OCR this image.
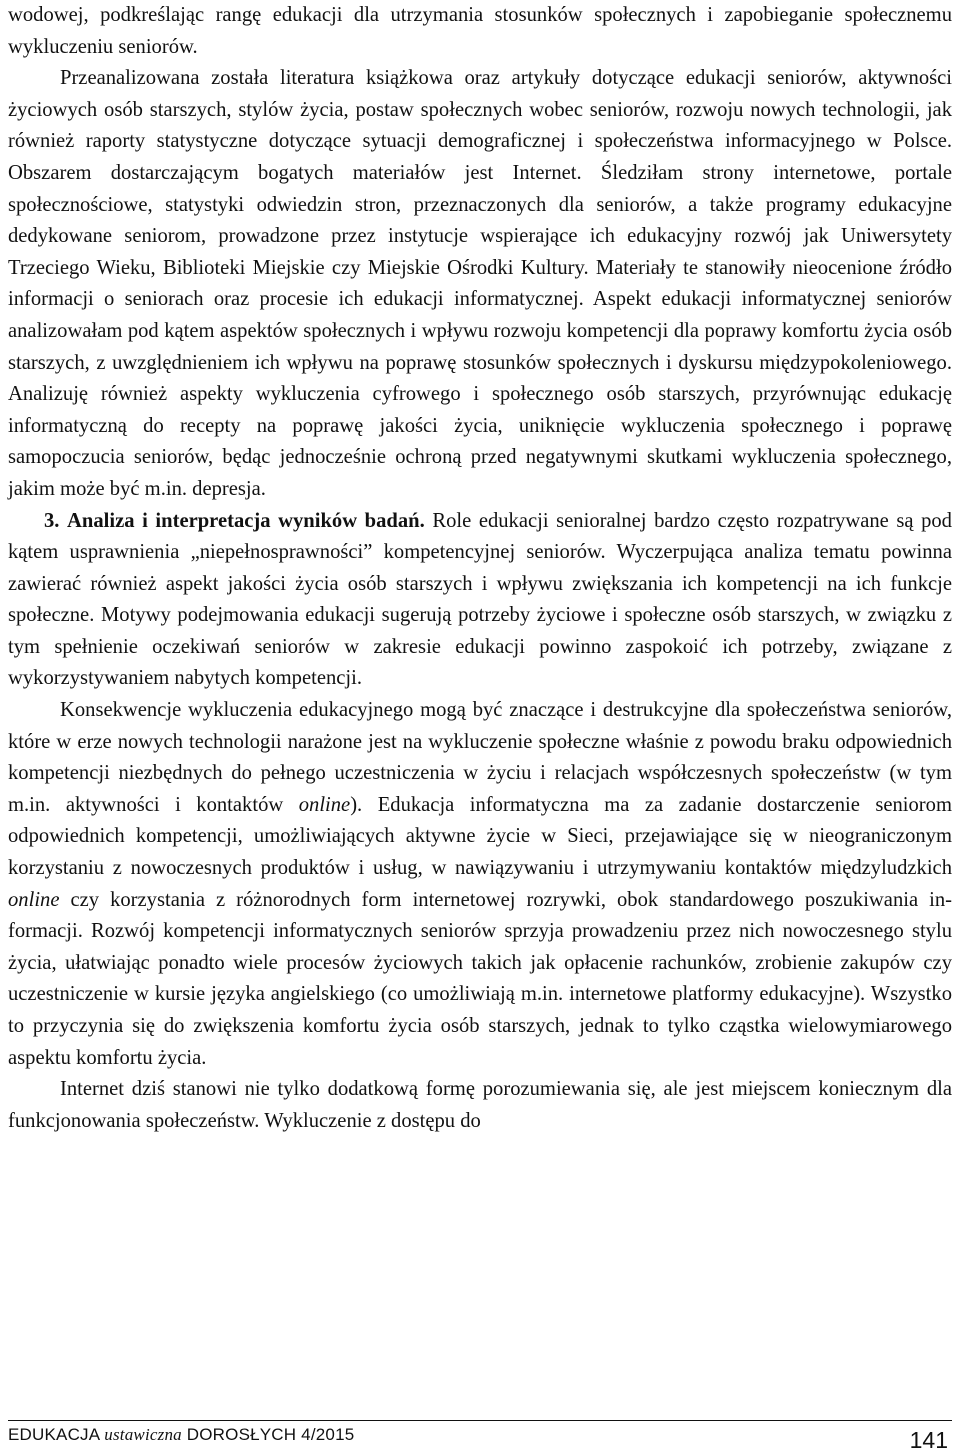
wodowej, podkreślając rangę edukacji dla utrzymania stosunków społecznych i zapobieganie społecznemu wykluczeniu seniorów.
Przeanalizowana została literatura książkowa oraz artykuły dotyczące edukacji seniorów, aktywności życiowych osób starszych, stylów życia, postaw społecznych wobec seniorów, rozwoju nowych technologii, jak również raporty statystyczne dotyczące sytuacji demograficznej i społeczeństwa informacyjnego w Polsce. Obszarem dostarczającym bogatych materiałów jest Internet. Śledziłam strony internetowe, portale społecznościowe, statystyki odwiedzin stron, przeznaczonych dla seniorów, a także programy edukacyjne dedykowane seniorom, prowadzone przez instytucje wspierające ich edukacyjny rozwój jak Uniwersytety Trzeciego Wieku, Biblioteki Miejskie czy Miejskie Ośrodki Kultury. Materiały te stanowiły nieocenione źródło informacji o seniorach oraz procesie ich edukacji informatycznej. Aspekt edukacji informatycznej seniorów analizowałam pod kątem aspektów społecznych i wpływu rozwoju kompetencji dla poprawy komfortu życia osób starszych, z uwzględnieniem ich wpływu na poprawę stosunków społecznych i dyskursu międzypokoleniowego. Analizuję również aspekty wykluczenia cyfrowego i społecznego osób starszych, przyrównując edukację informatyczną do recepty na poprawę jakości życia, uniknięcie wykluczenia społecznego i poprawę samopoczucia seniorów, będąc jednocześnie ochroną przed negatywnymi skutkami wykluczenia społecznego, jakim może być m.in. depresja.

3. Analiza i interpretacja wyników badań. Role edukacji senioralnej bardzo często rozpatrywane są pod kątem usprawnienia „niepełnosprawności” kompetencyjnej seniorów. Wyczerpująca analiza tematu powinna zawierać również aspekt jakości życia osób starszych i wpływu zwiększania ich kompetencji na ich funkcje społeczne. Motywy podejmowania edukacji sugerują potrzeby życiowe i społeczne osób starszych, w związku z tym spełnienie oczekiwań seniorów w zakresie edukacji powinno zaspokoić ich potrzeby, związane z wykorzystywaniem nabytych kompetencji.

Konsekwencje wykluczenia edukacyjnego mogą być znaczące i destrukcyjne dla społeczeństwa seniorów, które w erze nowych technologii narażone jest na wykluczenie społeczne właśnie z powodu braku odpowiednich kompetencji niezbędnych do pełnego uczestniczenia w życiu i relacjach współczesnych społeczeństw (w tym m.in. aktywności i kontaktów online). Edukacja informatyczna ma za zadanie dostarczenie seniorom odpowiednich kompetencji, umożliwiających aktywne życie w Sieci, przejawiające się w nieograniczonym korzystaniu z nowoczesnych produktów i usług, w nawiązywaniu i utrzymywaniu kontaktów międzyludzkich online czy korzystania z różnorodnych form internetowej rozrywki, obok standardowego poszukiwania informacji. Rozwój kompetencji informatycznych seniorów sprzyja prowadzeniu przez nich nowoczesnego stylu życia, ułatwiając ponadto wiele procesów życiowych takich jak opłacenie rachunków, zrobienie zakupów czy uczestniczenie w kursie języka angielskiego (co umożliwiają m.in. internetowe platformy edukacyjne). Wszystko to przyczynia się do zwiększenia komfortu życia osób starszych, jednak to tylko cząstka wielowymiarowego aspektu komfortu życia.

Internet dziś stanowi nie tylko dodatkową formę porozumiewania się, ale jest miejscem koniecznym dla funkcjonowania społeczeństw. Wykluczenie z dostępu do

EDUKACJA ustawiczna DOROSŁYCH 4/2015	141
